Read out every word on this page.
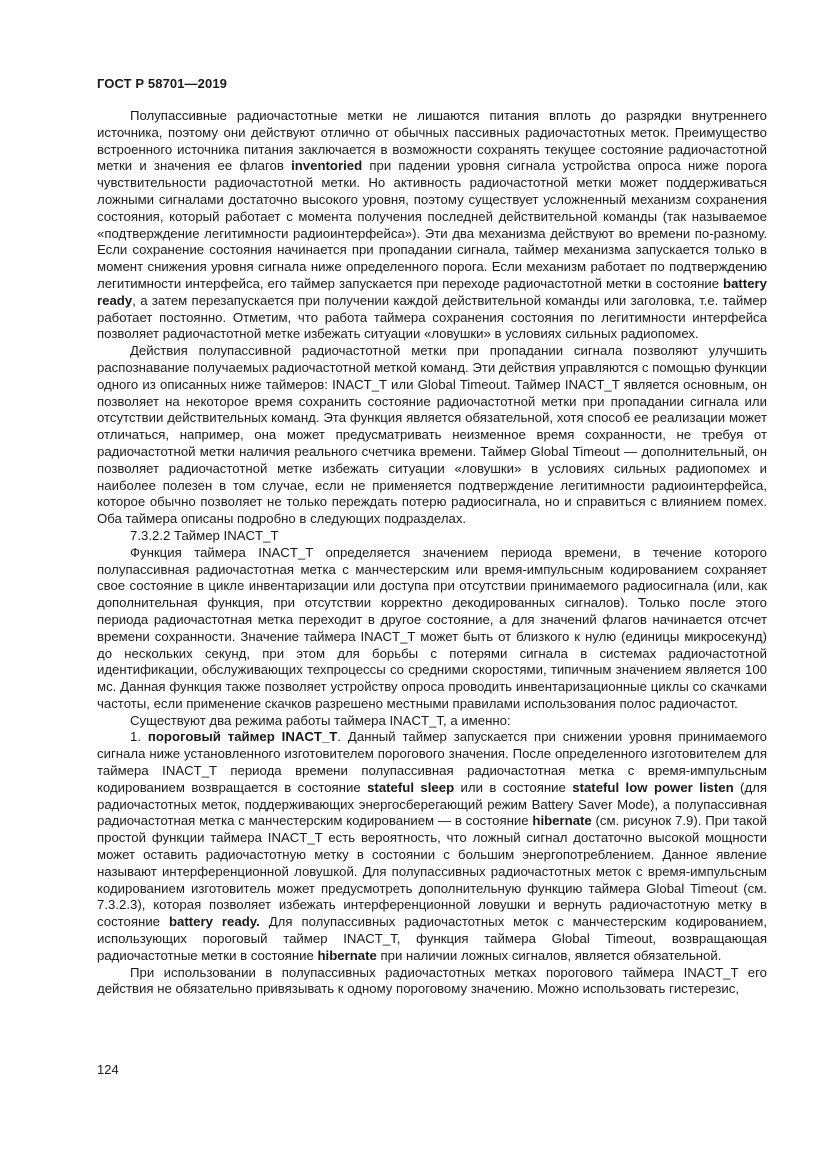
ГОСТ Р 58701—2019

Полупассивные радиочастотные метки не лишаются питания вплоть до разрядки внутреннего источника, поэтому они действуют отлично от обычных пассивных радиочастотных меток. Преимущество встроенного источника питания заключается в возможности сохранять текущее состояние радиочастотной метки и значения ее флагов inventoried при падении уровня сигнала устройства опроса ниже порога чувствительности радиочастотной метки. Но активность радиочастотной метки может поддерживаться ложными сигналами достаточно высокого уровня, поэтому существует усложненный механизм сохранения состояния, который работает с момента получения последней действительной команды (так называемое «подтверждение легитимности радиоинтерфейса»). Эти два механизма действуют во времени по-разному. Если сохранение состояния начинается при пропадании сигнала, таймер механизма запускается только в момент снижения уровня сигнала ниже определенного порога. Если механизм работает по подтверждению легитимности интерфейса, его таймер запускается при переходе радиочастотной метки в состояние battery ready, а затем перезапускается при получении каждой действительной команды или заголовка, т.е. таймер работает постоянно. Отметим, что работа таймера сохранения состояния по легитимности интерфейса позволяет радиочастотной метке избежать ситуации «ловушки» в условиях сильных радиопомех.

Действия полупассивной радиочастотной метки при пропадании сигнала позволяют улучшить распознавание получаемых радиочастотной меткой команд. Эти действия управляются с помощью функции одного из описанных ниже таймеров: INACT_T или Global Timeout. Таймер INACT_T является основным, он позволяет на некоторое время сохранить состояние радиочастотной метки при пропадании сигнала или отсутствии действительных команд. Эта функция является обязательной, хотя способ ее реализации может отличаться, например, она может предусматривать неизменное время сохранности, не требуя от радиочастотной метки наличия реального счетчика времени. Таймер Global Timeout — дополнительный, он позволяет радиочастотной метке избежать ситуации «ловушки» в условиях сильных радиопомех и наиболее полезен в том случае, если не применяется подтверждение легитимности радиоинтерфейса, которое обычно позволяет не только переждать потерю радиосигнала, но и справиться с влиянием помех. Оба таймера описаны подробно в следующих подразделах.

7.3.2.2 Таймер INACT_T

Функция таймера INACT_T определяется значением периода времени, в течение которого полупассивная радиочастотная метка с манчестерским или время-импульсным кодированием сохраняет свое состояние в цикле инвентаризации или доступа при отсутствии принимаемого радиосигнала (или, как дополнительная функция, при отсутствии корректно декодированных сигналов). Только после этого периода радиочастотная метка переходит в другое состояние, а для значений флагов начинается отсчет времени сохранности. Значение таймера INACT_T может быть от близкого к нулю (единицы микросекунд) до нескольких секунд, при этом для борьбы с потерями сигнала в системах радиочастотной идентификации, обслуживающих техпроцессы со средними скоростями, типичным значением является 100 мс. Данная функция также позволяет устройству опроса проводить инвентаризационные циклы со скачками частоты, если применение скачков разрешено местными правилами использования полос радиочастот.

Существуют два режима работы таймера INACT_T, а именно:

1. пороговый таймер INACT_T. Данный таймер запускается при снижении уровня принимаемого сигнала ниже установленного изготовителем порогового значения. После определенного изготовителем для таймера INACT_T периода времени полупассивная радиочастотная метка с время-импульсным кодированием возвращается в состояние stateful sleep или в состояние stateful low power listen (для радиочастотных меток, поддерживающих энергосберегающий режим Battery Saver Mode), а полупассивная радиочастотная метка с манчестерским кодированием — в состояние hibernate (см. рисунок 7.9). При такой простой функции таймера INACT_T есть вероятность, что ложный сигнал достаточно высокой мощности может оставить радиочастотную метку в состоянии с большим энергопотреблением. Данное явление называют интерференционной ловушкой. Для полупассивных радиочастотных меток с время-импульсным кодированием изготовитель может предусмотреть дополнительную функцию таймера Global Timeout (см. 7.3.2.3), которая позволяет избежать интерференционной ловушки и вернуть радиочастотную метку в состояние battery ready. Для полупассивных радиочастотных меток с манчестерским кодированием, использующих пороговый таймер INACT_T, функция таймера Global Timeout, возвращающая радиочастотные метки в состояние hibernate при наличии ложных сигналов, является обязательной.

При использовании в полупассивных радиочастотных метках порогового таймера INACT_T его действия не обязательно привязывать к одному пороговому значению. Можно использовать гистерезис,

124
